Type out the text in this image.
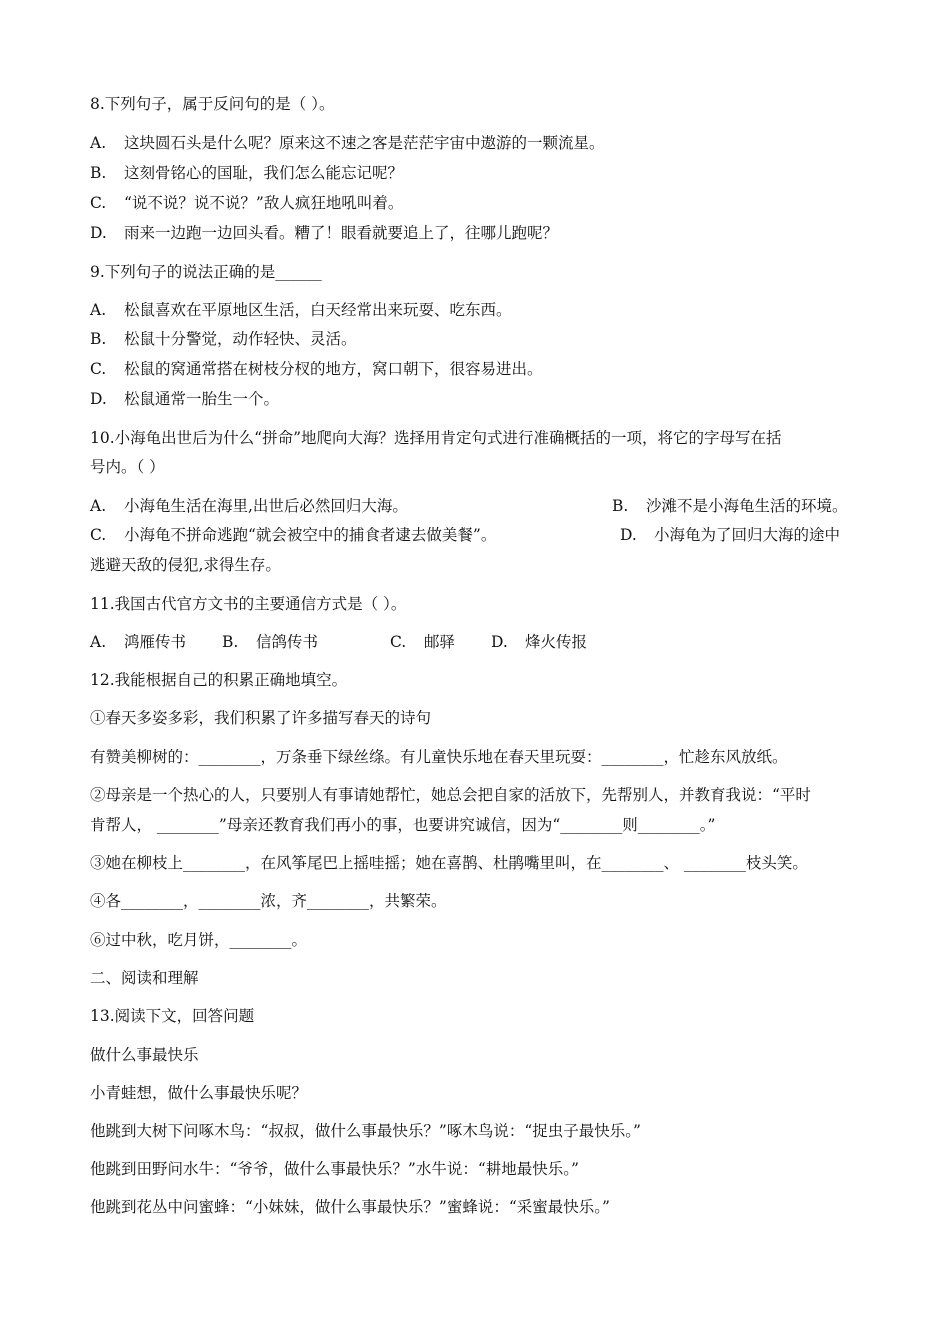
8.下列句子，属于反问句的是（ ）。
A. 这块圆石头是什么呢？原来这不速之客是茫茫宇宙中遨游的一颗流星。
B. 这刻骨铭心的国耻，我们怎么能忘记呢？
C. “说不说？说不说？”敌人疯狂地吼叫着。
D. 雨来一边跑一边回头看。糟了！眼看就要追上了，往哪儿跑呢？
9.下列句子的说法正确的是______
A. 松鼠喜欢在平原地区生活，白天经常出来玩耍、吃东西。
B. 松鼠十分警觉，动作轻快、灵活。
C. 松鼠的窝通常搭在树枝分杈的地方，窝口朝下，很容易进出。
D. 松鼠通常一胎生一个。
10.小海龟出世后为什么“拼命”地爬向大海？选择用肯定句式进行准确概括的一项，将它的字母写在括
号内。（ ）
A. 小海龟生活在海里,出世后必然回归大海。	B. 沙滩不是小海龟生活的环境。
C. 小海龟不拼命逃跑“就会被空中的捕食者逮去做美餐”。	D. 小海龟为了回归大海的途中
逃避天敌的侵犯,求得生存。
11.我国古代官方文书的主要通信方式是（ ）。
A. 鸿雁传书 B. 信鸽传书	C. 邮驿 D. 烽火传报
12.我能根据自己的积累正确地填空。
①春天多姿多彩，我们积累了许多描写春天的诗句
有赞美柳树的：________，万条垂下绿丝绦。有儿童快乐地在春天里玩耍：________，忙趁东风放纸。
②母亲是一个热心的人，只要别人有事请她帮忙，她总会把自家的活放下，先帮别人，并教育我说：“平时
肯帮人， ________”母亲还教育我们再小的事，也要讲究诚信，因为“________则________。”
③她在柳枝上________，在风筝尾巴上摇哇摇；她在喜鹊、杜鹃嘴里叫，在________、 ________枝头笑。
④各________，________浓，齐________，共繁荣。
⑥过中秋，吃月饼，________。
二、阅读和理解
13.阅读下文，回答问题
做什么事最快乐
小青蛙想，做什么事最快乐呢？
他跳到大树下问啄木鸟：“叔叔，做什么事最快乐？”啄木鸟说：“捉虫子最快乐。”
他跳到田野问水牛：“爷爷，做什么事最快乐？”水牛说：“耕地最快乐。”
他跳到花丛中问蜜蜂：“小妹妹，做什么事最快乐？”蜜蜂说：“采蜜最快乐。”
